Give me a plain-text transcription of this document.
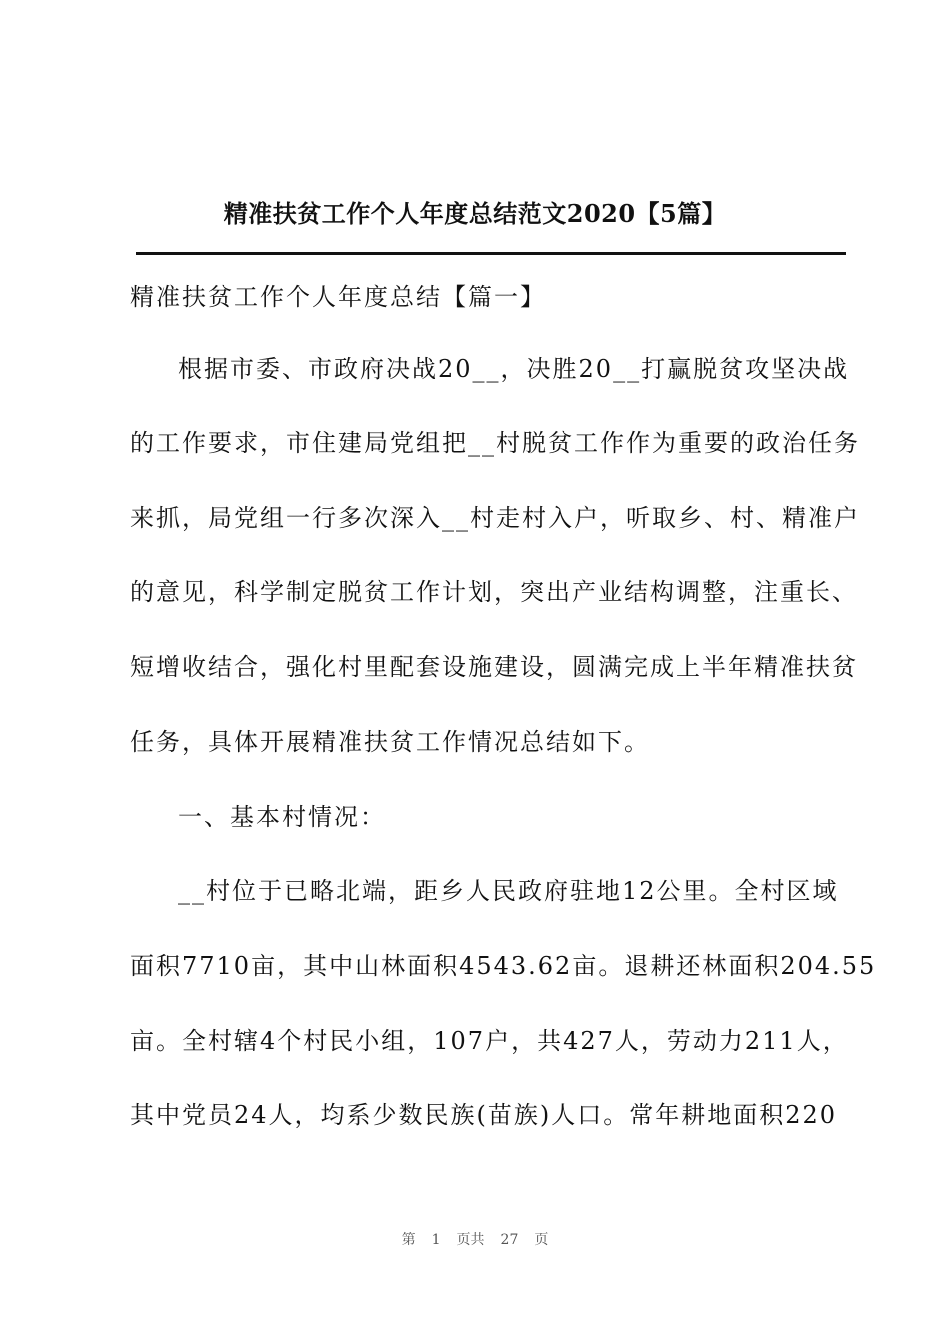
精准扶贫工作个人年度总结范文2020【5篇】
精准扶贫工作个人年度总结【篇一】
根据市委、市政府决战20__，决胜20__打赢脱贫攻坚决战
的工作要求，市住建局党组把__村脱贫工作作为重要的政治任务
来抓，局党组一行多次深入__村走村入户，听取乡、村、精准户
的意见，科学制定脱贫工作计划，突出产业结构调整，注重长、
短增收结合，强化村里配套设施建设，圆满完成上半年精准扶贫
任务，具体开展精准扶贫工作情况总结如下。
一、基本村情况：
__村位于已略北端，距乡人民政府驻地12公里。全村区域
面积7710亩，其中山林面积4543.62亩。退耕还林面积204.55
亩。全村辖4个村民小组，107户，共427人，劳动力211人，
其中党员24人，均系少数民族(苗族)人口。常年耕地面积220
第 1 页共 27 页
